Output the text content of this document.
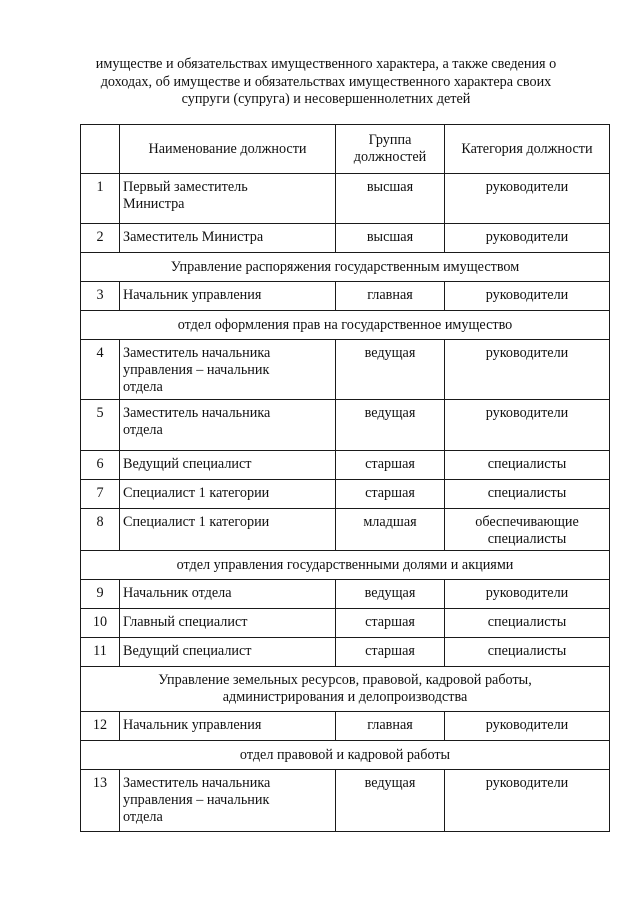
имуществе и обязательствах имущественного характера, а также сведения о
доходах, об имуществе и обязательствах имущественного характера своих
супруги (супруга) и несовершеннолетних детей
	Наименование должности	Группа
должностей	Категория должности
1	Первый заместитель
Министра	высшая	руководители

2	Заместитель Министра	высшая	руководители

Управление распоряжения государственным имуществом			

3	Начальник управления	главная	руководители

отдел оформления прав на государственное имущество			

4	Заместитель начальника
управления – начальник
отдела	ведущая	руководители

5	Заместитель начальника
отдела	ведущая	руководители

6	Ведущий специалист	старшая	специалисты

7	Специалист 1 категории	старшая	специалисты

8	Специалист 1 категории	младшая	обеспечивающие
специалисты

отдел управления государственными долями и акциями			

9	Начальник отдела	ведущая	руководители

10	Главный специалист	старшая	специалисты

11	Ведущий специалист	старшая	специалисты

Управление земельных ресурсов, правовой, кадровой работы,
администрирования и делопроизводства			

12	Начальник управления	главная	руководители

отдел правовой и кадровой работы			

13	Заместитель начальника
управления – начальник
отдела	ведущая	руководители
